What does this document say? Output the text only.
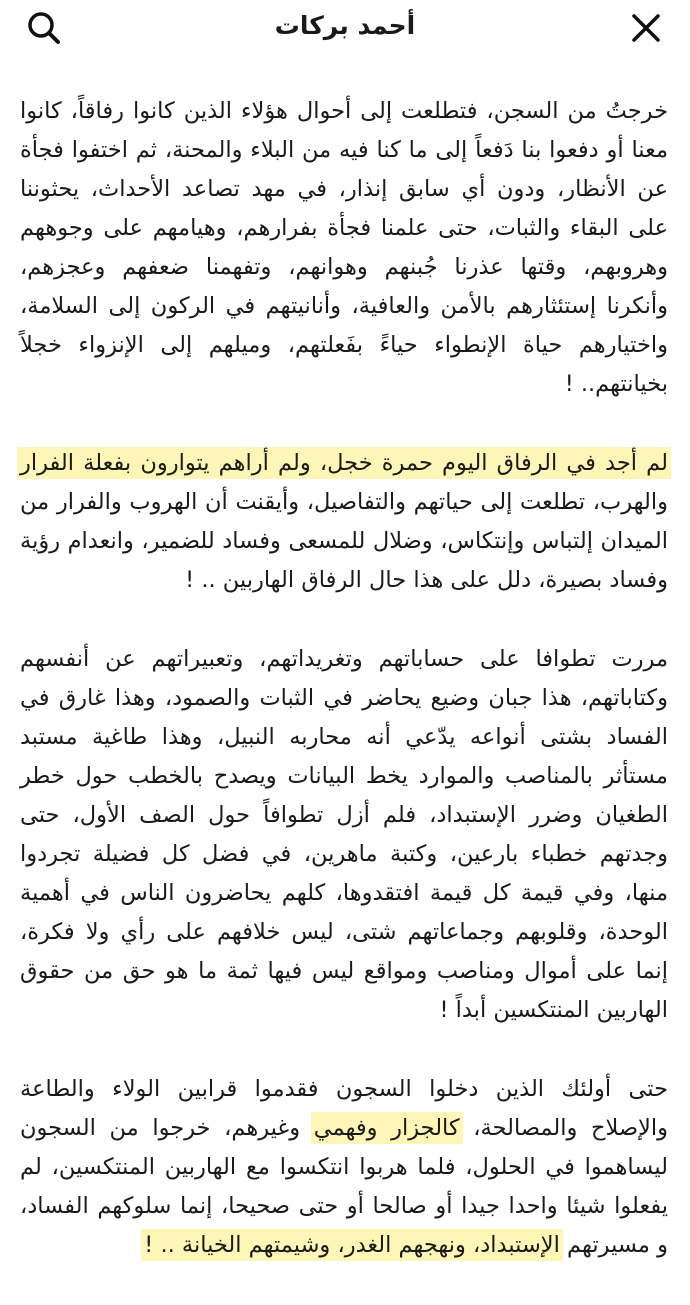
أحمد بركات

خرجتُ من السجن، فتطلعت إلى أحوال هؤلاء الذين كانوا رفاقاً، كانوا معنا أو دفعوا بنا دَفعاً إلى ما كنا فيه من البلاء والمحنة، ثم اختفوا فجأة عن الأنظار، ودون أي سابق إنذار، في مهد تصاعد الأحداث، يحثوننا على البقاء والثبات، حتى علمنا فجأة بفرارهم، وهيامهم على وجوههم وهروبهم، وقتها عذرنا جُبنهم وهوانهم، وتفهمنا ضعفهم وعجزهم، وأنكرنا إستئثارهم بالأمن والعافية، وأنانيتهم في الركون إلى السلامة، واختيارهم حياة الإنطواء حياءً بفَعلتهم، وميلهم إلى الإنزواء خجلاً بخيانتهم.. !

لم أجد في الرفاق اليوم حمرة خجل، ولم أراهم يتوارون بفعلة الفرار والهرب، تطلعت إلى حياتهم والتفاصيل، وأيقنت أن الهروب والفرار من الميدان إلتباس وإنتكاس، وضلال للمسعى وفساد للضمير، وانعدام رؤية وفساد بصيرة، دلل على هذا حال الرفاق الهاربين .. !

مررت تطوافا على حساباتهم وتغريداتهم، وتعبيراتهم عن أنفسهم وكتاباتهم، هذا جبان وضيع يحاضر في الثبات والصمود، وهذا غارق في الفساد بشتى أنواعه يدّعي أنه محاربه النبيل، وهذا طاغية مستبد مستأثر بالمناصب والموارد يخط البيانات ويصدح بالخطب حول خطر الطغيان وضرر الإستبداد، فلم أزل تطوافاً حول الصف الأول، حتى وجدتهم خطباء بارعين، وكتبة ماهرين، في فضل كل فضيلة تجردوا منها، وفي قيمة كل قيمة افتقدوها، كلهم يحاضرون الناس في أهمية الوحدة، وقلوبهم وجماعاتهم شتى، ليس خلافهم على رأي ولا فكرة، إنما على أموال ومناصب ومواقع ليس فيها ثمة ما هو حق من حقوق الهاربين المنتكسين أبداً !

حتى أولئك الذين دخلوا السجون فقدموا قرابين الولاء والطاعة والإصلاح والمصالحة، كالجزار وفهمي وغيرهم، خرجوا من السجون ليساهموا في الحلول، فلما هربوا انتكسوا مع الهاربين المنتكسين، لم يفعلوا شيئا واحدا جيدا أو صالحا أو حتى صحيحا، إنما سلوكهم الفساد، و مسيرتهم الإستبداد، ونهجهم الغدر، وشيمتهم الخيانة .. !
